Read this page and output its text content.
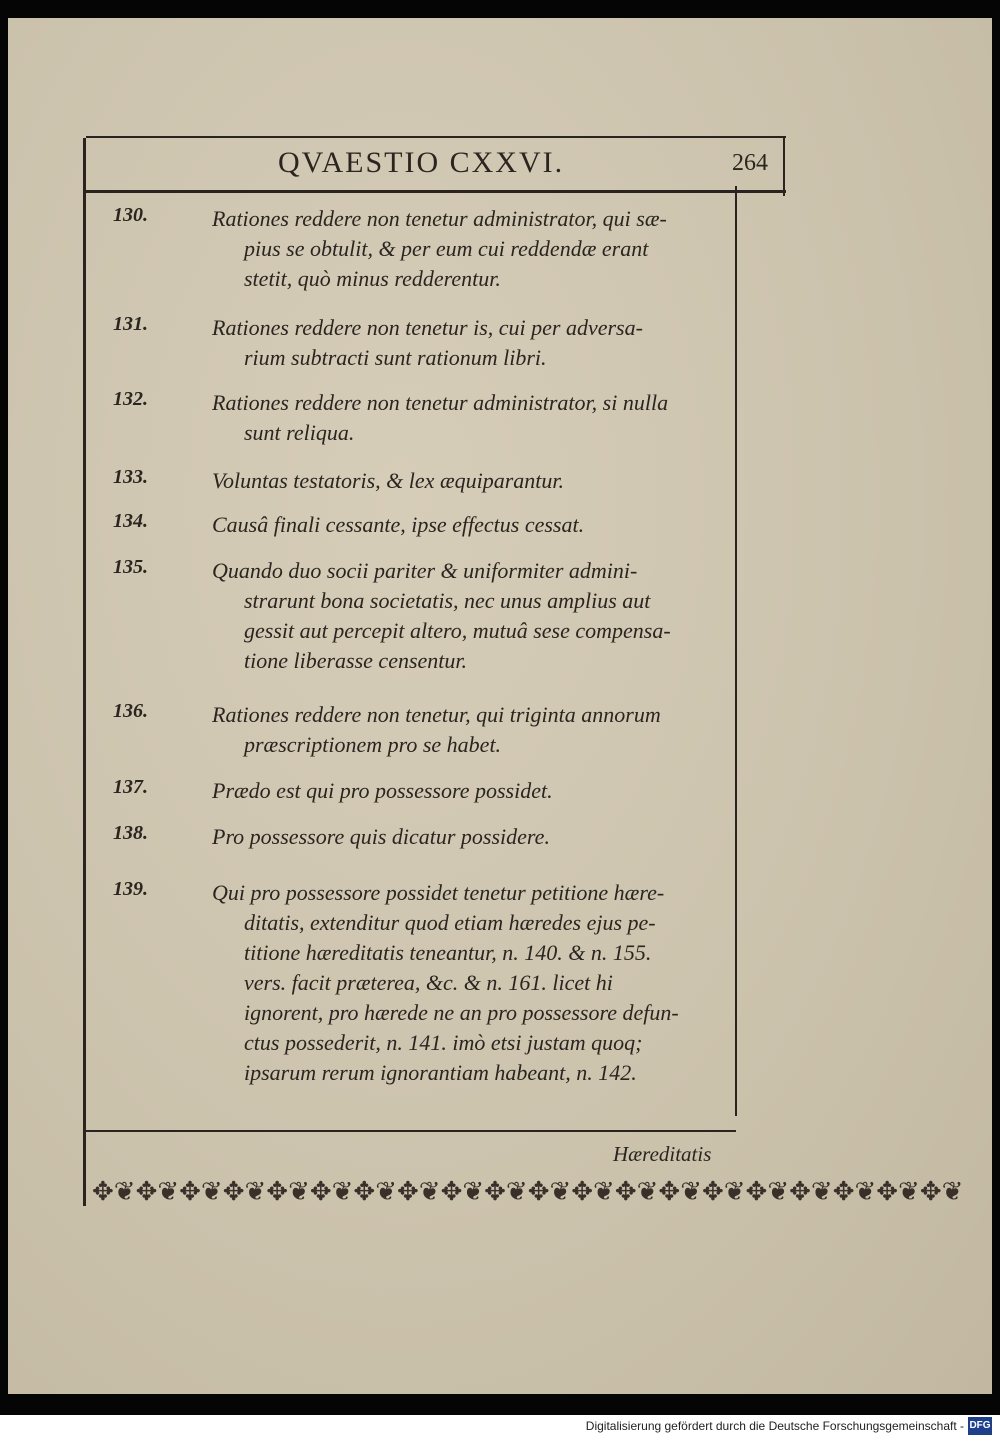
QVAESTIO CXXVI.	264
130.	Rationes reddere non tenetur administrator, qui sæ-
pius se obtulit, & per eum cui reddendæ erant
stetit, quò minus redderentur.
131.	Rationes reddere non tenetur is, cui per adversa-
rium subtracti sunt rationum libri.
132.	Rationes reddere non tenetur administrator, si nulla
sunt reliqua.
133.	Voluntas testatoris, & lex æquiparantur.
134.	Causâ finali cessante, ipse effectus cessat.
135.	Quando duo socii pariter & uniformiter admini-
strarunt bona societatis, nec unus amplius aut
gessit aut percepit altero, mutuâ sese compensa-
tione liberasse censentur.
136.	Rationes reddere non tenetur, qui triginta annorum
præscriptionem pro se habet.
137.	Prædo est qui pro possessore possidet.
138.	Pro possessore quis dicatur possidere.
139.	Qui pro possessore possidet tenetur petitione hære-
ditatis, extenditur quod etiam hæredes ejus pe-
titione hæreditatis teneantur, n. 140. & n. 155.
vers. facit præterea, &c. & n. 161. licet hi
ignorent, pro hærede ne an pro possessore defun-
ctus possederit, n. 141. imò etsi justam quoq;
ipsarum rerum ignorantiam habeant, n. 142.
Hæreditatis
✥❦✥❦✥❦✥❦✥❦✥❦✥❦✥❦✥❦✥❦✥❦✥❦✥❦✥❦✥❦✥❦✥❦✥❦✥❦✥❦
Digitalisierung gefördert durch die Deutsche Forschungsgemeinschaft - DFG
